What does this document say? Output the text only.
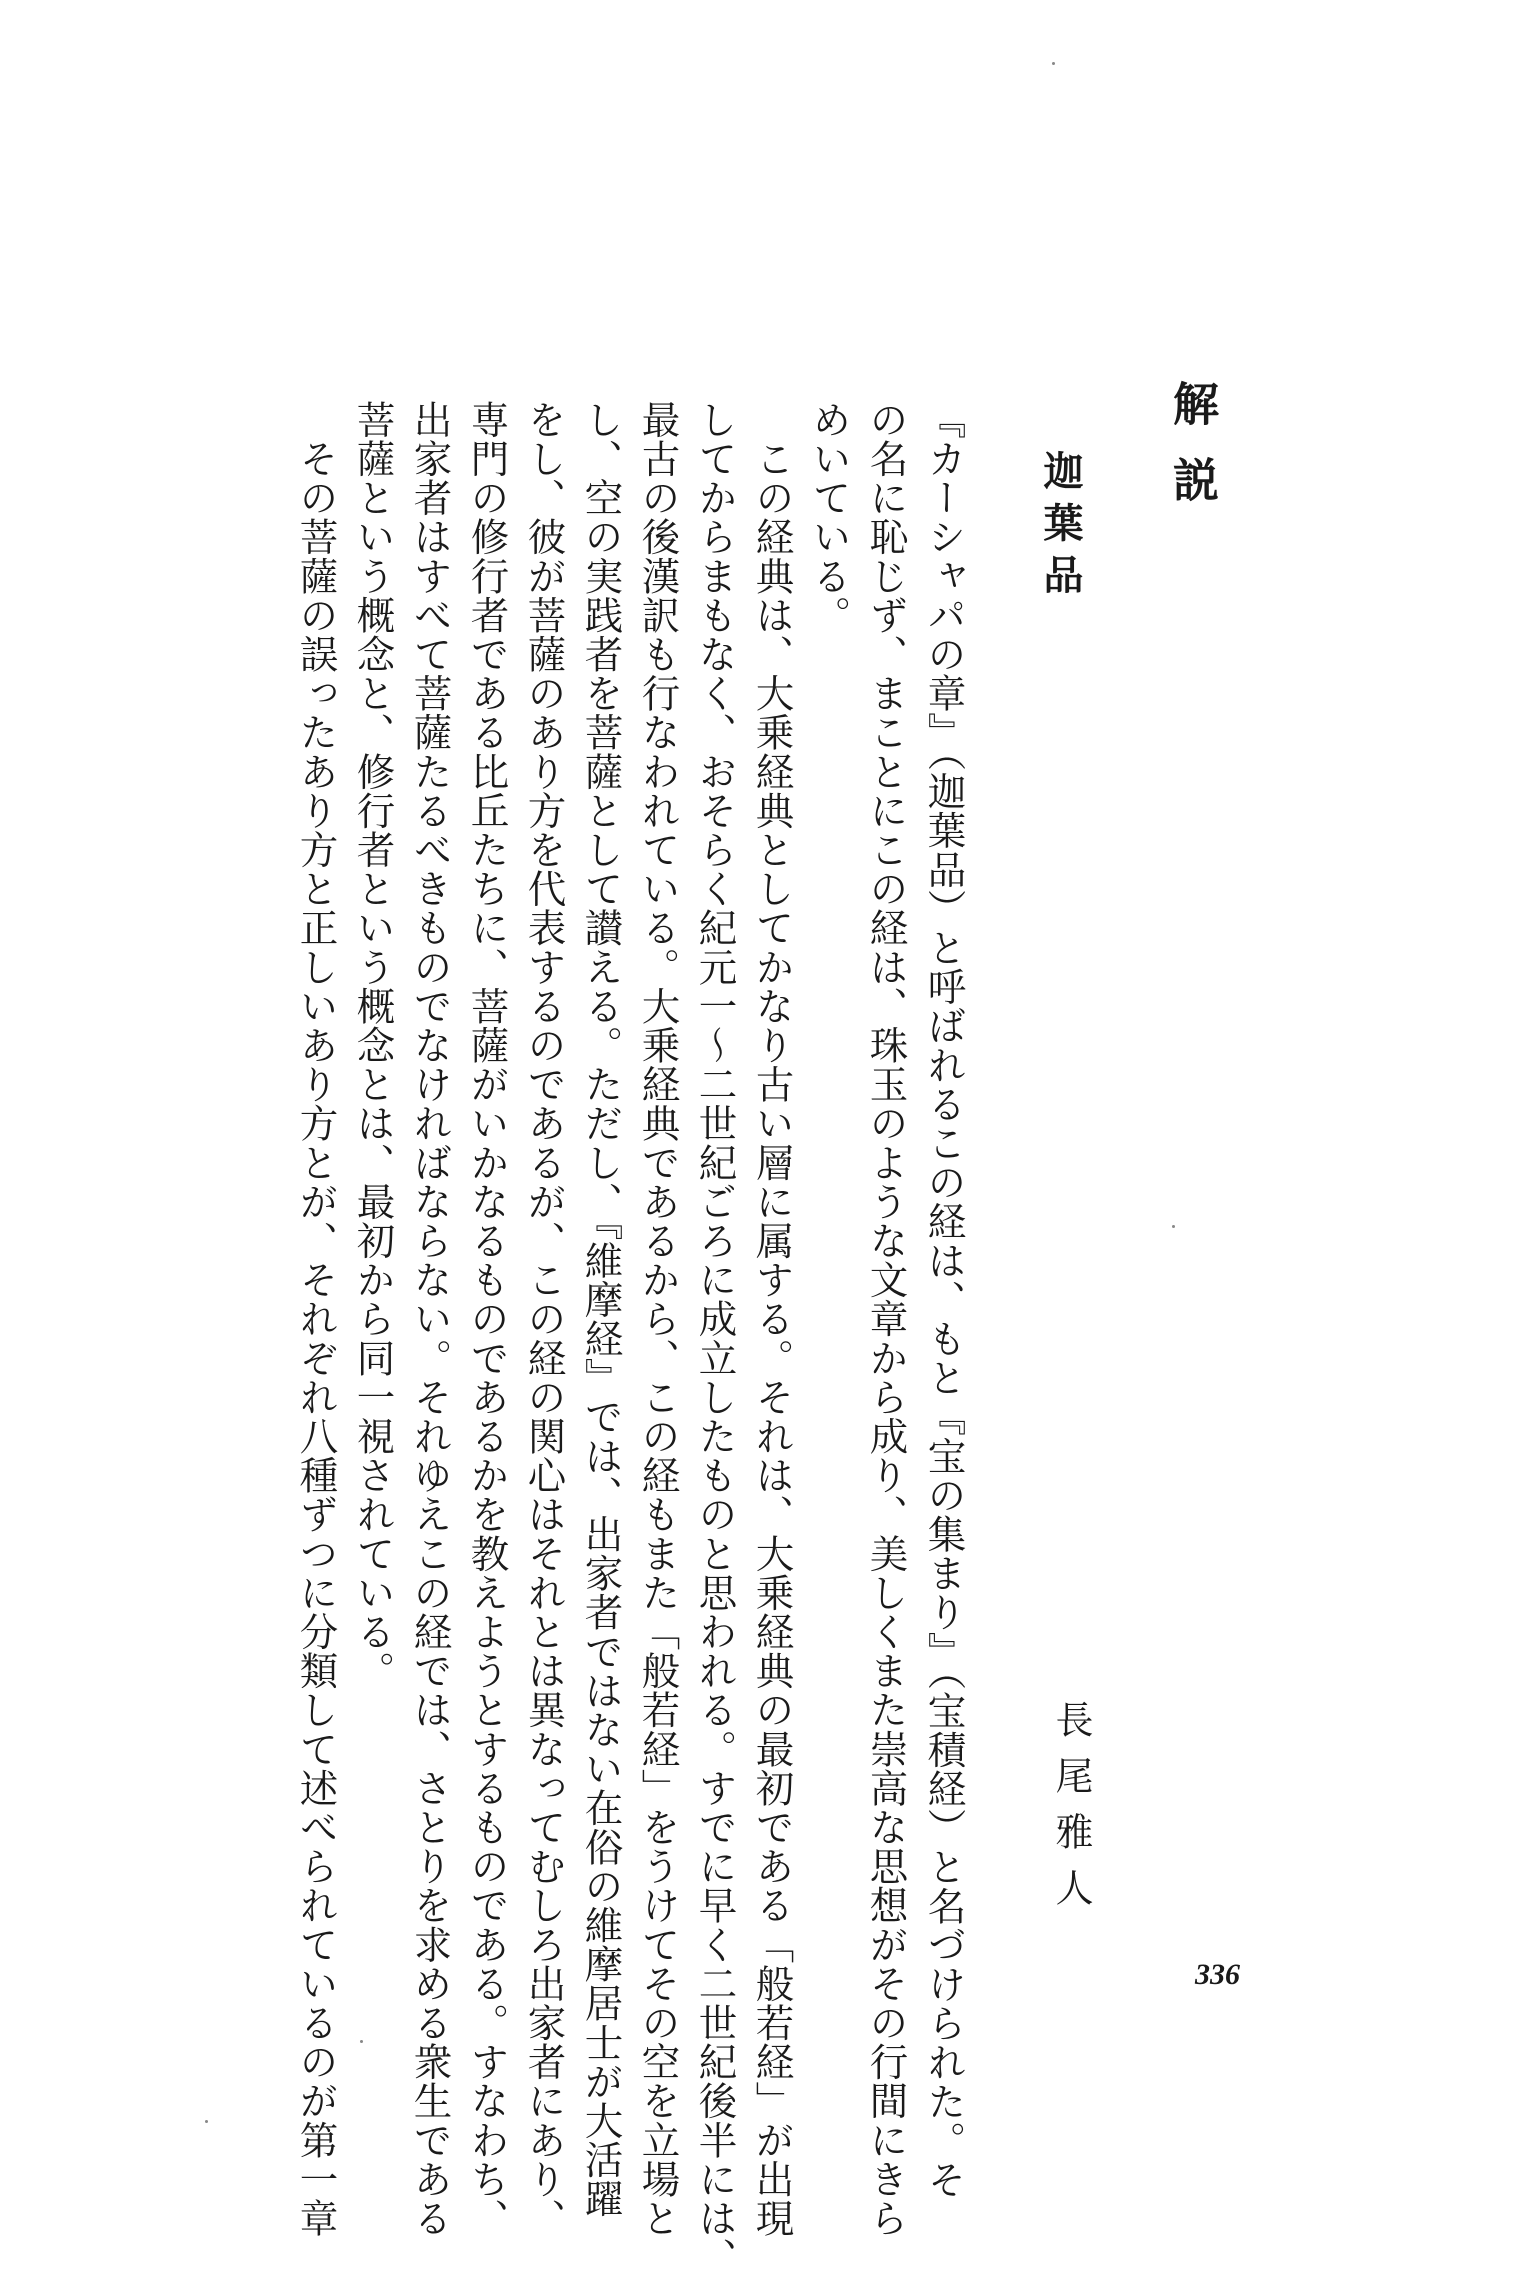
解説
迦葉品
長尾雅人

『カーシャパの章』（迦葉品）と呼ばれるこの経は、もと『宝の集まり』（宝積経）と名づけられた。そ

の名に恥じず、まことにこの経は、珠玉のような文章から成り、美しくまた崇高な思想がその行間にきら

めいている。

　この経典は、大乗経典としてかなり古い層に属する。それは、大乗経典の最初である「般若経」が出現

してからまもなく、おそらく紀元一〜二世紀ごろに成立したものと思われる。すでに早く二世紀後半には、

最古の後漢訳も行なわれている。大乗経典であるから、この経もまた「般若経」をうけてその空を立場と

し、空の実践者を菩薩として讃える。ただし、『維摩経』では、出家者ではない在俗の維摩居士が大活躍

をし、彼が菩薩のあり方を代表するのであるが、この経の関心はそれとは異なってむしろ出家者にあり、

専門の修行者である比丘たちに、菩薩がいかなるものであるかを教えようとするものである。すなわち、

出家者はすべて菩薩たるべきものでなければならない。それゆえこの経では、さとりを求める衆生である

菩薩という概念と、修行者という概念とは、最初から同一視されている。

　その菩薩の誤ったあり方と正しいあり方とが、それぞれ八種ずつに分類して述べられているのが第一章	336
